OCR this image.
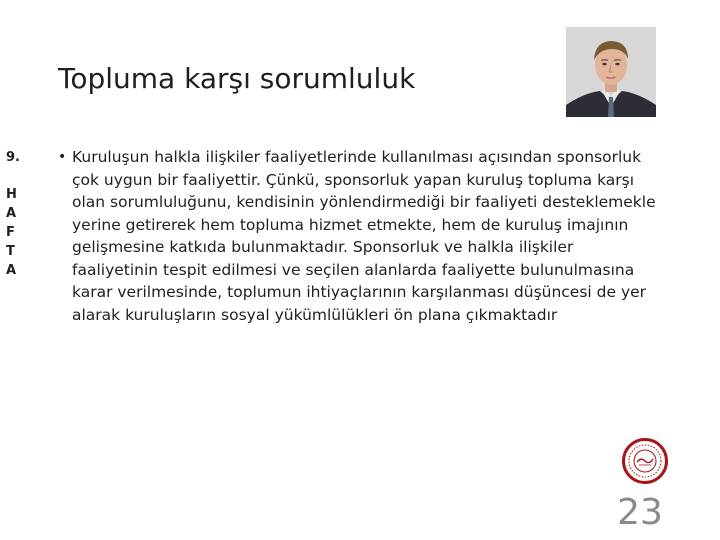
Topluma karşı sorumluluk
9.
H
A
F
T
A
• Kuruluşun halkla ilişkiler faaliyetlerinde kullanılması açısından sponsorluk çok uygun bir faaliyettir. Çünkü, sponsorluk yapan kuruluş topluma karşı olan sorumluluğunu, kendisinin yönlendirmediği bir faaliyeti desteklemekle yerine getirerek hem topluma hizmet etmekte, hem de kuruluş imajının gelişmesine katkıda bulunmaktadır. Sponsorluk ve halkla ilişkiler faaliyetinin tespit edilmesi ve seçilen alanlarda faaliyette bulunulmasına karar verilmesinde, toplumun ihtiyaçlarının karşılanması düşüncesi de yer alarak kuruluşların sosyal yükümlülükleri ön plana çıkmaktadır
23
